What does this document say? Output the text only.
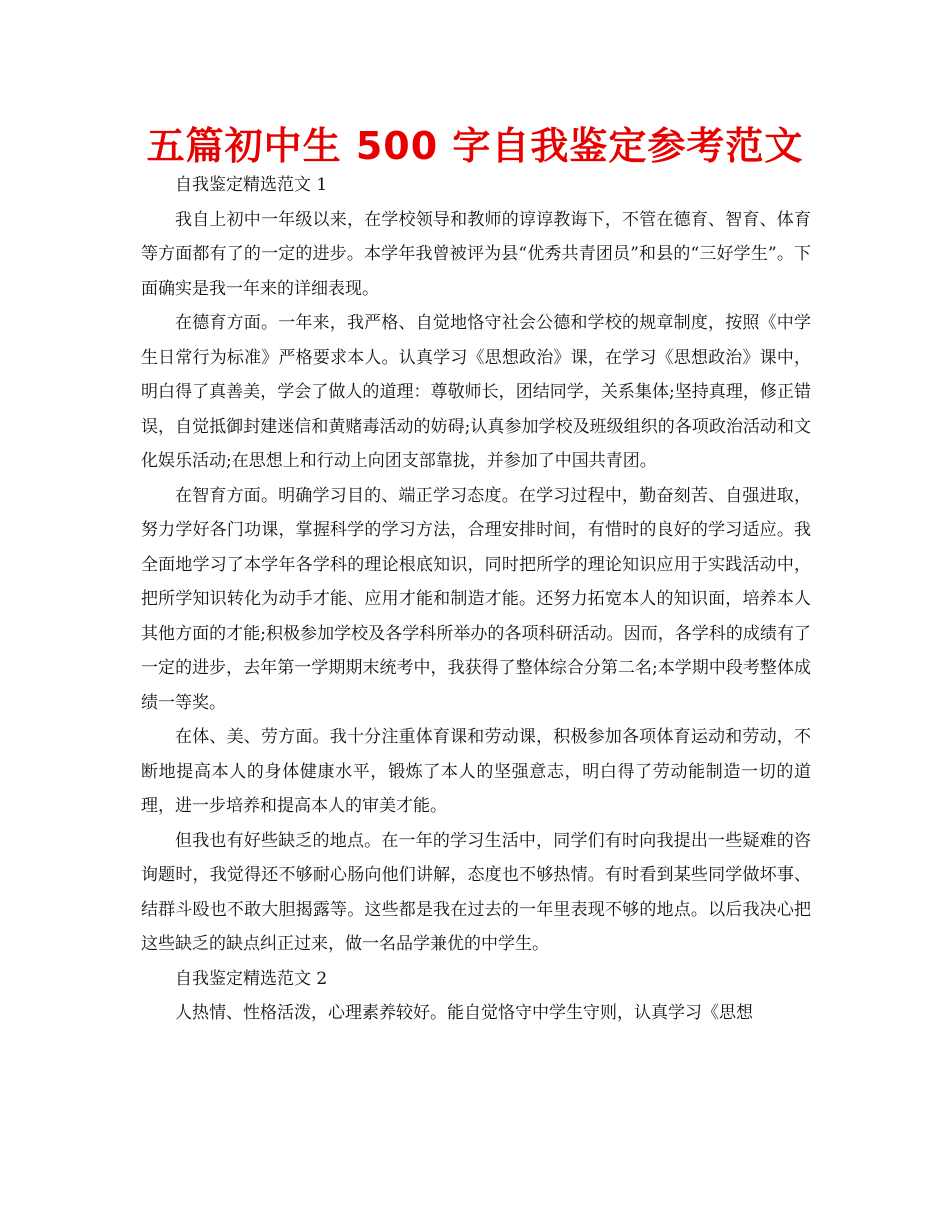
五篇初中生 500 字自我鉴定参考范文

自我鉴定精选范文 1

我自上初中一年级以来，在学校领导和教师的谆谆教诲下，不管在德育、智育、体育等方面都有了的一定的进步。本学年我曾被评为县“优秀共青团员”和县的“三好学生”。下面确实是我一年来的详细表现。

在德育方面。一年来，我严格、自觉地恪守社会公德和学校的规章制度，按照《中学生日常行为标准》严格要求本人。认真学习《思想政治》课，在学习《思想政治》课中，明白得了真善美，学会了做人的道理：尊敬师长，团结同学，关系集体;坚持真理，修正错误，自觉抵御封建迷信和黄赌毒活动的妨碍;认真参加学校及班级组织的各项政治活动和文化娱乐活动;在思想上和行动上向团支部靠拢，并参加了中国共青团。

在智育方面。明确学习目的、端正学习态度。在学习过程中，勤奋刻苦、自强进取，努力学好各门功课，掌握科学的学习方法，合理安排时间，有惜时的良好的学习适应。我全面地学习了本学年各学科的理论根底知识，同时把所学的理论知识应用于实践活动中，把所学知识转化为动手才能、应用才能和制造才能。还努力拓宽本人的知识面，培养本人其他方面的才能;积极参加学校及各学科所举办的各项科研活动。因而，各学科的成绩有了一定的进步，去年第一学期期末统考中，我获得了整体综合分第二名;本学期中段考整体成绩一等奖。

在体、美、劳方面。我十分注重体育课和劳动课，积极参加各项体育运动和劳动，不断地提高本人的身体健康水平，锻炼了本人的坚强意志，明白得了劳动能制造一切的道理，进一步培养和提高本人的审美才能。

但我也有好些缺乏的地点。在一年的学习生活中，同学们有时向我提出一些疑难的咨询题时，我觉得还不够耐心肠向他们讲解，态度也不够热情。有时看到某些同学做坏事、结群斗殴也不敢大胆揭露等。这些都是我在过去的一年里表现不够的地点。以后我决心把这些缺乏的缺点纠正过来，做一名品学兼优的中学生。

自我鉴定精选范文 2

人热情、性格活泼，心理素养较好。能自觉恪守中学生守则，认真学习《思想
